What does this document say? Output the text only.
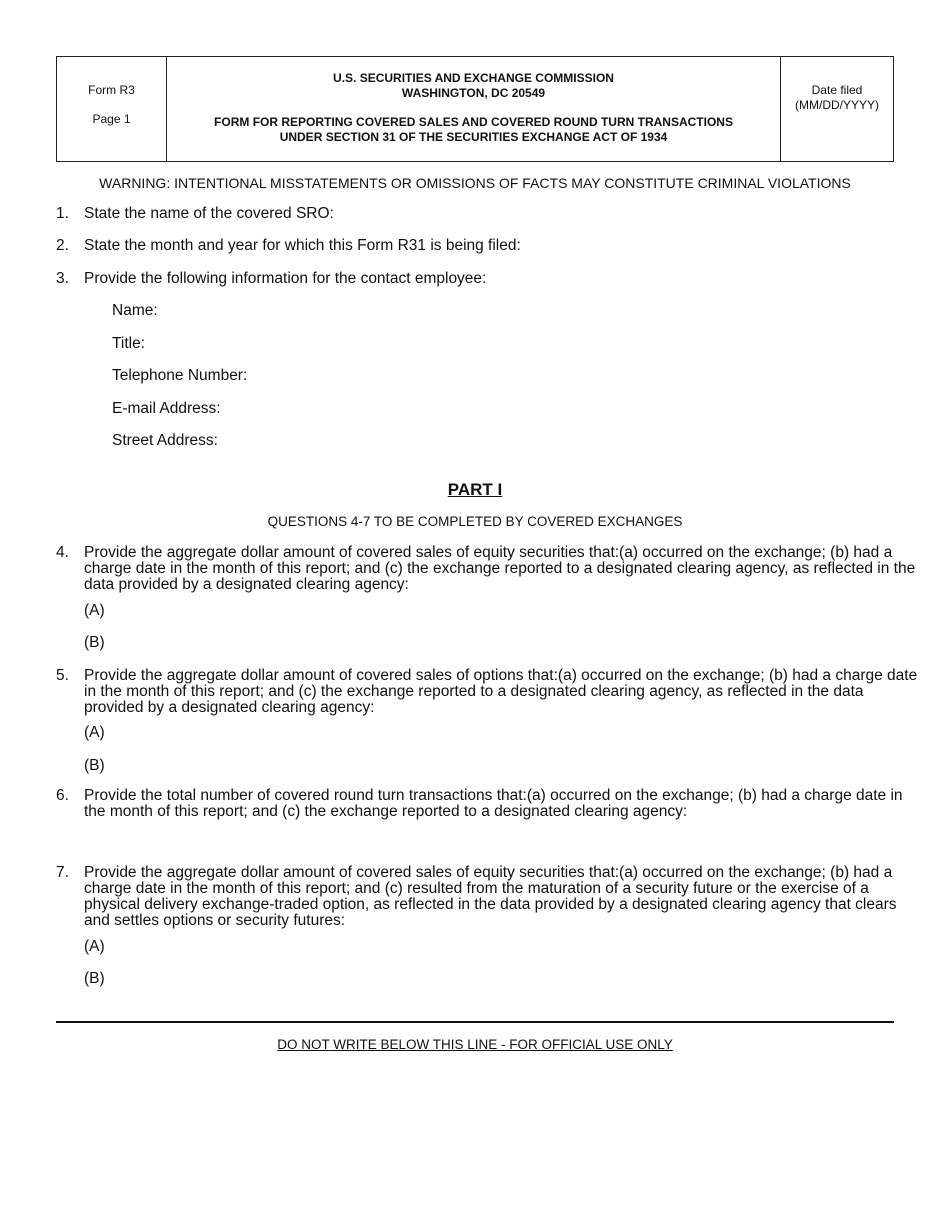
Form R3
Page 1
U.S. SECURITIES AND EXCHANGE COMMISSION
WASHINGTON, DC 20549
FORM FOR REPORTING COVERED SALES AND COVERED ROUND TURN TRANSACTIONS
UNDER SECTION 31 OF THE SECURITIES EXCHANGE ACT OF 1934
Date filed
(MM/DD/YYYY)
WARNING: INTENTIONAL MISSTATEMENTS OR OMISSIONS OF FACTS MAY CONSTITUTE CRIMINAL VIOLATIONS
1. State the name of the covered SRO:
2. State the month and year for which this Form R31 is being filed:
3. Provide the following information for the contact employee:
Name:
Title:
Telephone Number:
E-mail Address:
Street Address:
PART I
QUESTIONS 4-7 TO BE COMPLETED BY COVERED EXCHANGES
4. Provide the aggregate dollar amount of covered sales of equity securities that:(a) occurred on the exchange; (b) had a charge date in the month of this report; and (c) the exchange reported to a designated clearing agency, as reflected in the data provided by a designated clearing agency:
(A)
(B)
5. Provide the aggregate dollar amount of covered sales of options that:(a) occurred on the exchange; (b) had a charge date in the month of this report; and (c) the exchange reported to a designated clearing agency, as reflected in the data provided by a designated clearing agency:
(A)
(B)
6. Provide the total number of covered round turn transactions that:(a) occurred on the exchange; (b) had a charge date in the month of this report; and (c) the exchange reported to a designated clearing agency:
7. Provide the aggregate dollar amount of covered sales of equity securities that:(a) occurred on the exchange; (b) had a charge date in the month of this report; and (c) resulted from the maturation of a security future or the exercise of a physical delivery exchange-traded option, as reflected in the data provided by a designated clearing agency that clears and settles options or security futures:
(A)
(B)
DO NOT WRITE BELOW THIS LINE - FOR OFFICIAL USE ONLY
